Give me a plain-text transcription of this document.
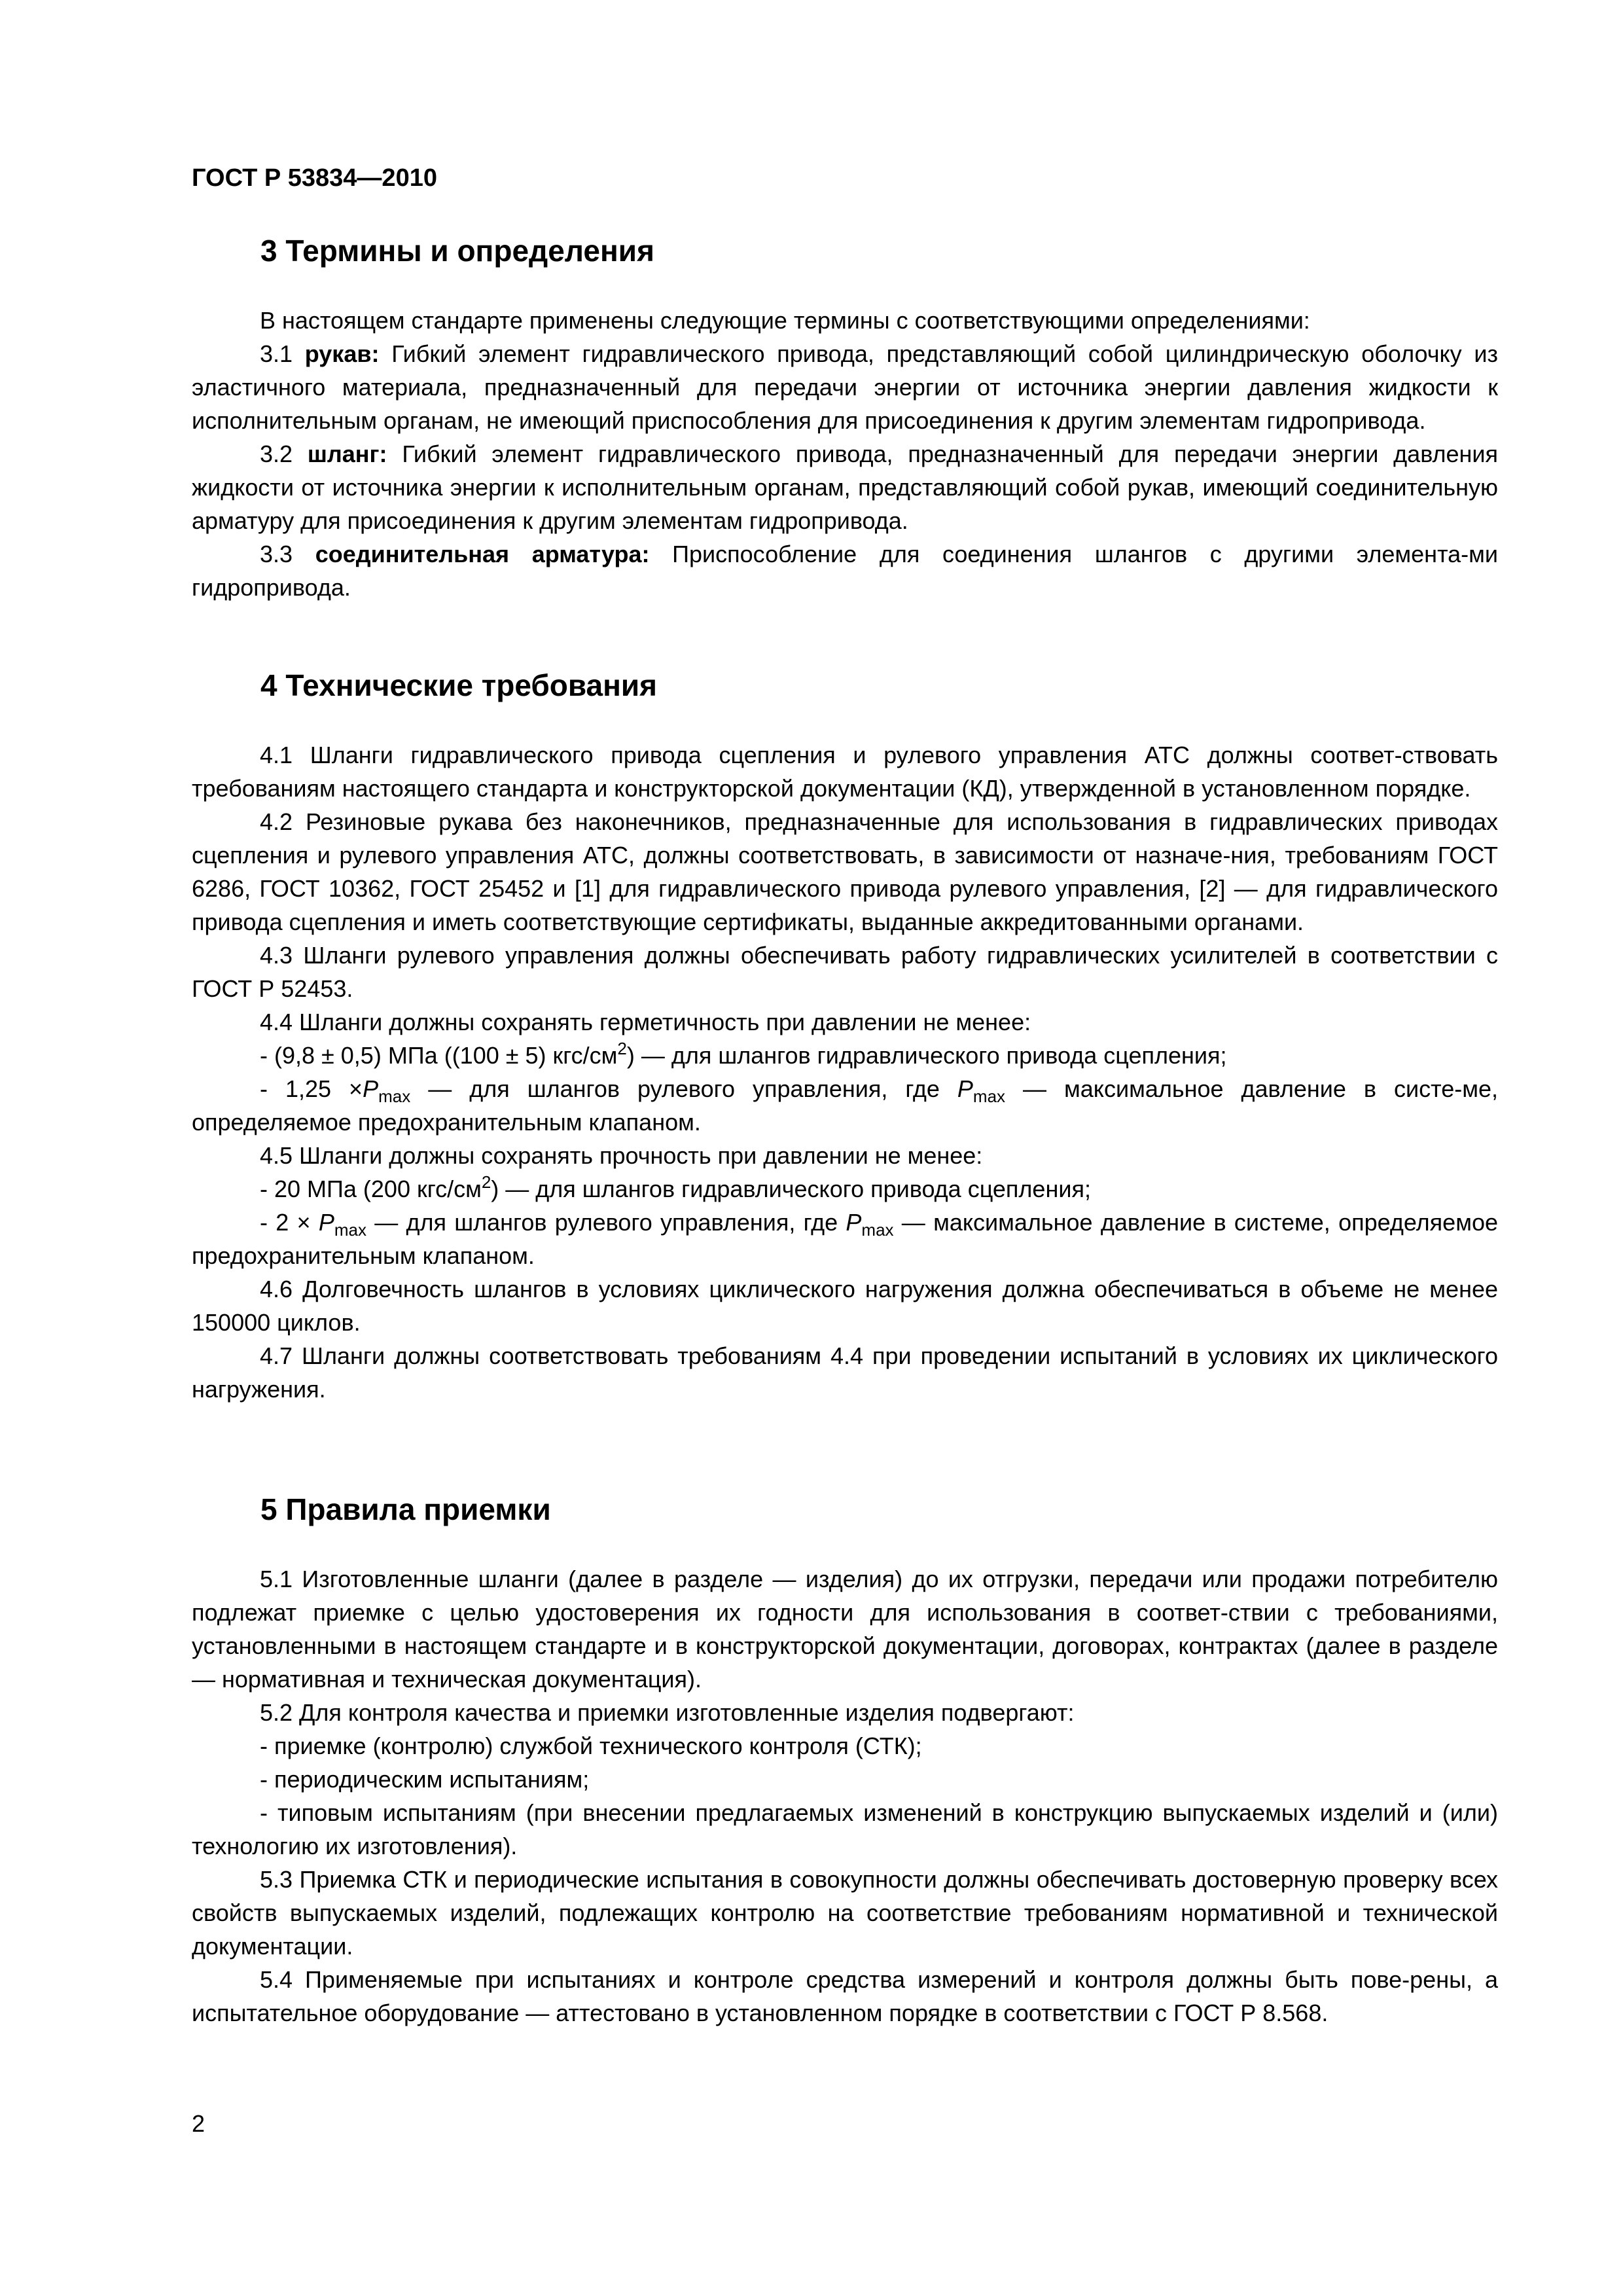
ГОСТ Р 53834—2010
3 Термины и определения

В настоящем стандарте применены следующие термины с соответствующими определениями:

3.1 рукав: Гибкий элемент гидравлического привода, представляющий собой цилиндрическую оболочку из эластичного материала, предназначенный для передачи энергии от источника энергии давления жидкости к исполнительным органам, не имеющий приспособления для присоединения к другим элементам гидропривода.

3.2 шланг: Гибкий элемент гидравлического привода, предназначенный для передачи энергии давления жидкости от источника энергии к исполнительным органам, представляющий собой рукав, имеющий соединительную арматуру для присоединения к другим элементам гидропривода.

3.3 соединительная арматура: Приспособление для соединения шлангов с другими элемента-ми гидропривода.

4 Технические требования

4.1 Шланги гидравлического привода сцепления и рулевого управления АТС должны соответ-ствовать требованиям настоящего стандарта и конструкторской документации (КД), утвержденной в установленном порядке.

4.2 Резиновые рукава без наконечников, предназначенные для использования в гидравлических приводах сцепления и рулевого управления АТС, должны соответствовать, в зависимости от назначе-ния, требованиям ГОСТ 6286, ГОСТ 10362, ГОСТ 25452 и [1] для гидравлического привода рулевого управления, [2] — для гидравлического привода сцепления и иметь соответствующие сертификаты, выданные аккредитованными органами.

4.3 Шланги рулевого управления должны обеспечивать работу гидравлических усилителей в соответствии с ГОСТ Р 52453.

4.4 Шланги должны сохранять герметичность при давлении не менее:

- (9,8 ± 0,5) МПа ((100 ± 5) кгс/$см^2$) — для шлангов гидравлического привода сцепления;

- $1,25 \times P_{max}$ — для шлангов рулевого управления, где $P_{max}$ — максимальное давление в систе-ме, определяемое предохранительным клапаном.

4.5 Шланги должны сохранять прочность при давлении не менее:

- 20 МПа (200 кгс/$см^2$) — для шлангов гидравлического привода сцепления;

- $2 \times P_{max}$ — для шлангов рулевого управления, где $P_{max}$ — максимальное давление в системе, определяемое предохранительным клапаном.

4.6 Долговечность шлангов в условиях циклического нагружения должна обеспечиваться в объеме не менее 150000 циклов.

4.7 Шланги должны соответствовать требованиям 4.4 при проведении испытаний в условиях их циклического нагружения.

5 Правила приемки

5.1 Изготовленные шланги (далее в разделе — изделия) до их отгрузки, передачи или продажи потребителю подлежат приемке с целью удостоверения их годности для использования в соответ-ствии с требованиями, установленными в настоящем стандарте и в конструкторской документации, договорах, контрактах (далее в разделе — нормативная и техническая документация).

5.2 Для контроля качества и приемки изготовленные изделия подвергают:

- приемке (контролю) службой технического контроля (СТК);

- периодическим испытаниям;

- типовым испытаниям (при внесении предлагаемых изменений в конструкцию выпускаемых изделий и (или) технологию их изготовления).

5.3 Приемка СТК и периодические испытания в совокупности должны обеспечивать достоверную проверку всех свойств выпускаемых изделий, подлежащих контролю на соответствие требованиям нормативной и технической документации.

5.4 Применяемые при испытаниях и контроле средства измерений и контроля должны быть пове-рены, а испытательное оборудование — аттестовано в установленном порядке в соответствии с ГОСТ Р 8.568.

2
